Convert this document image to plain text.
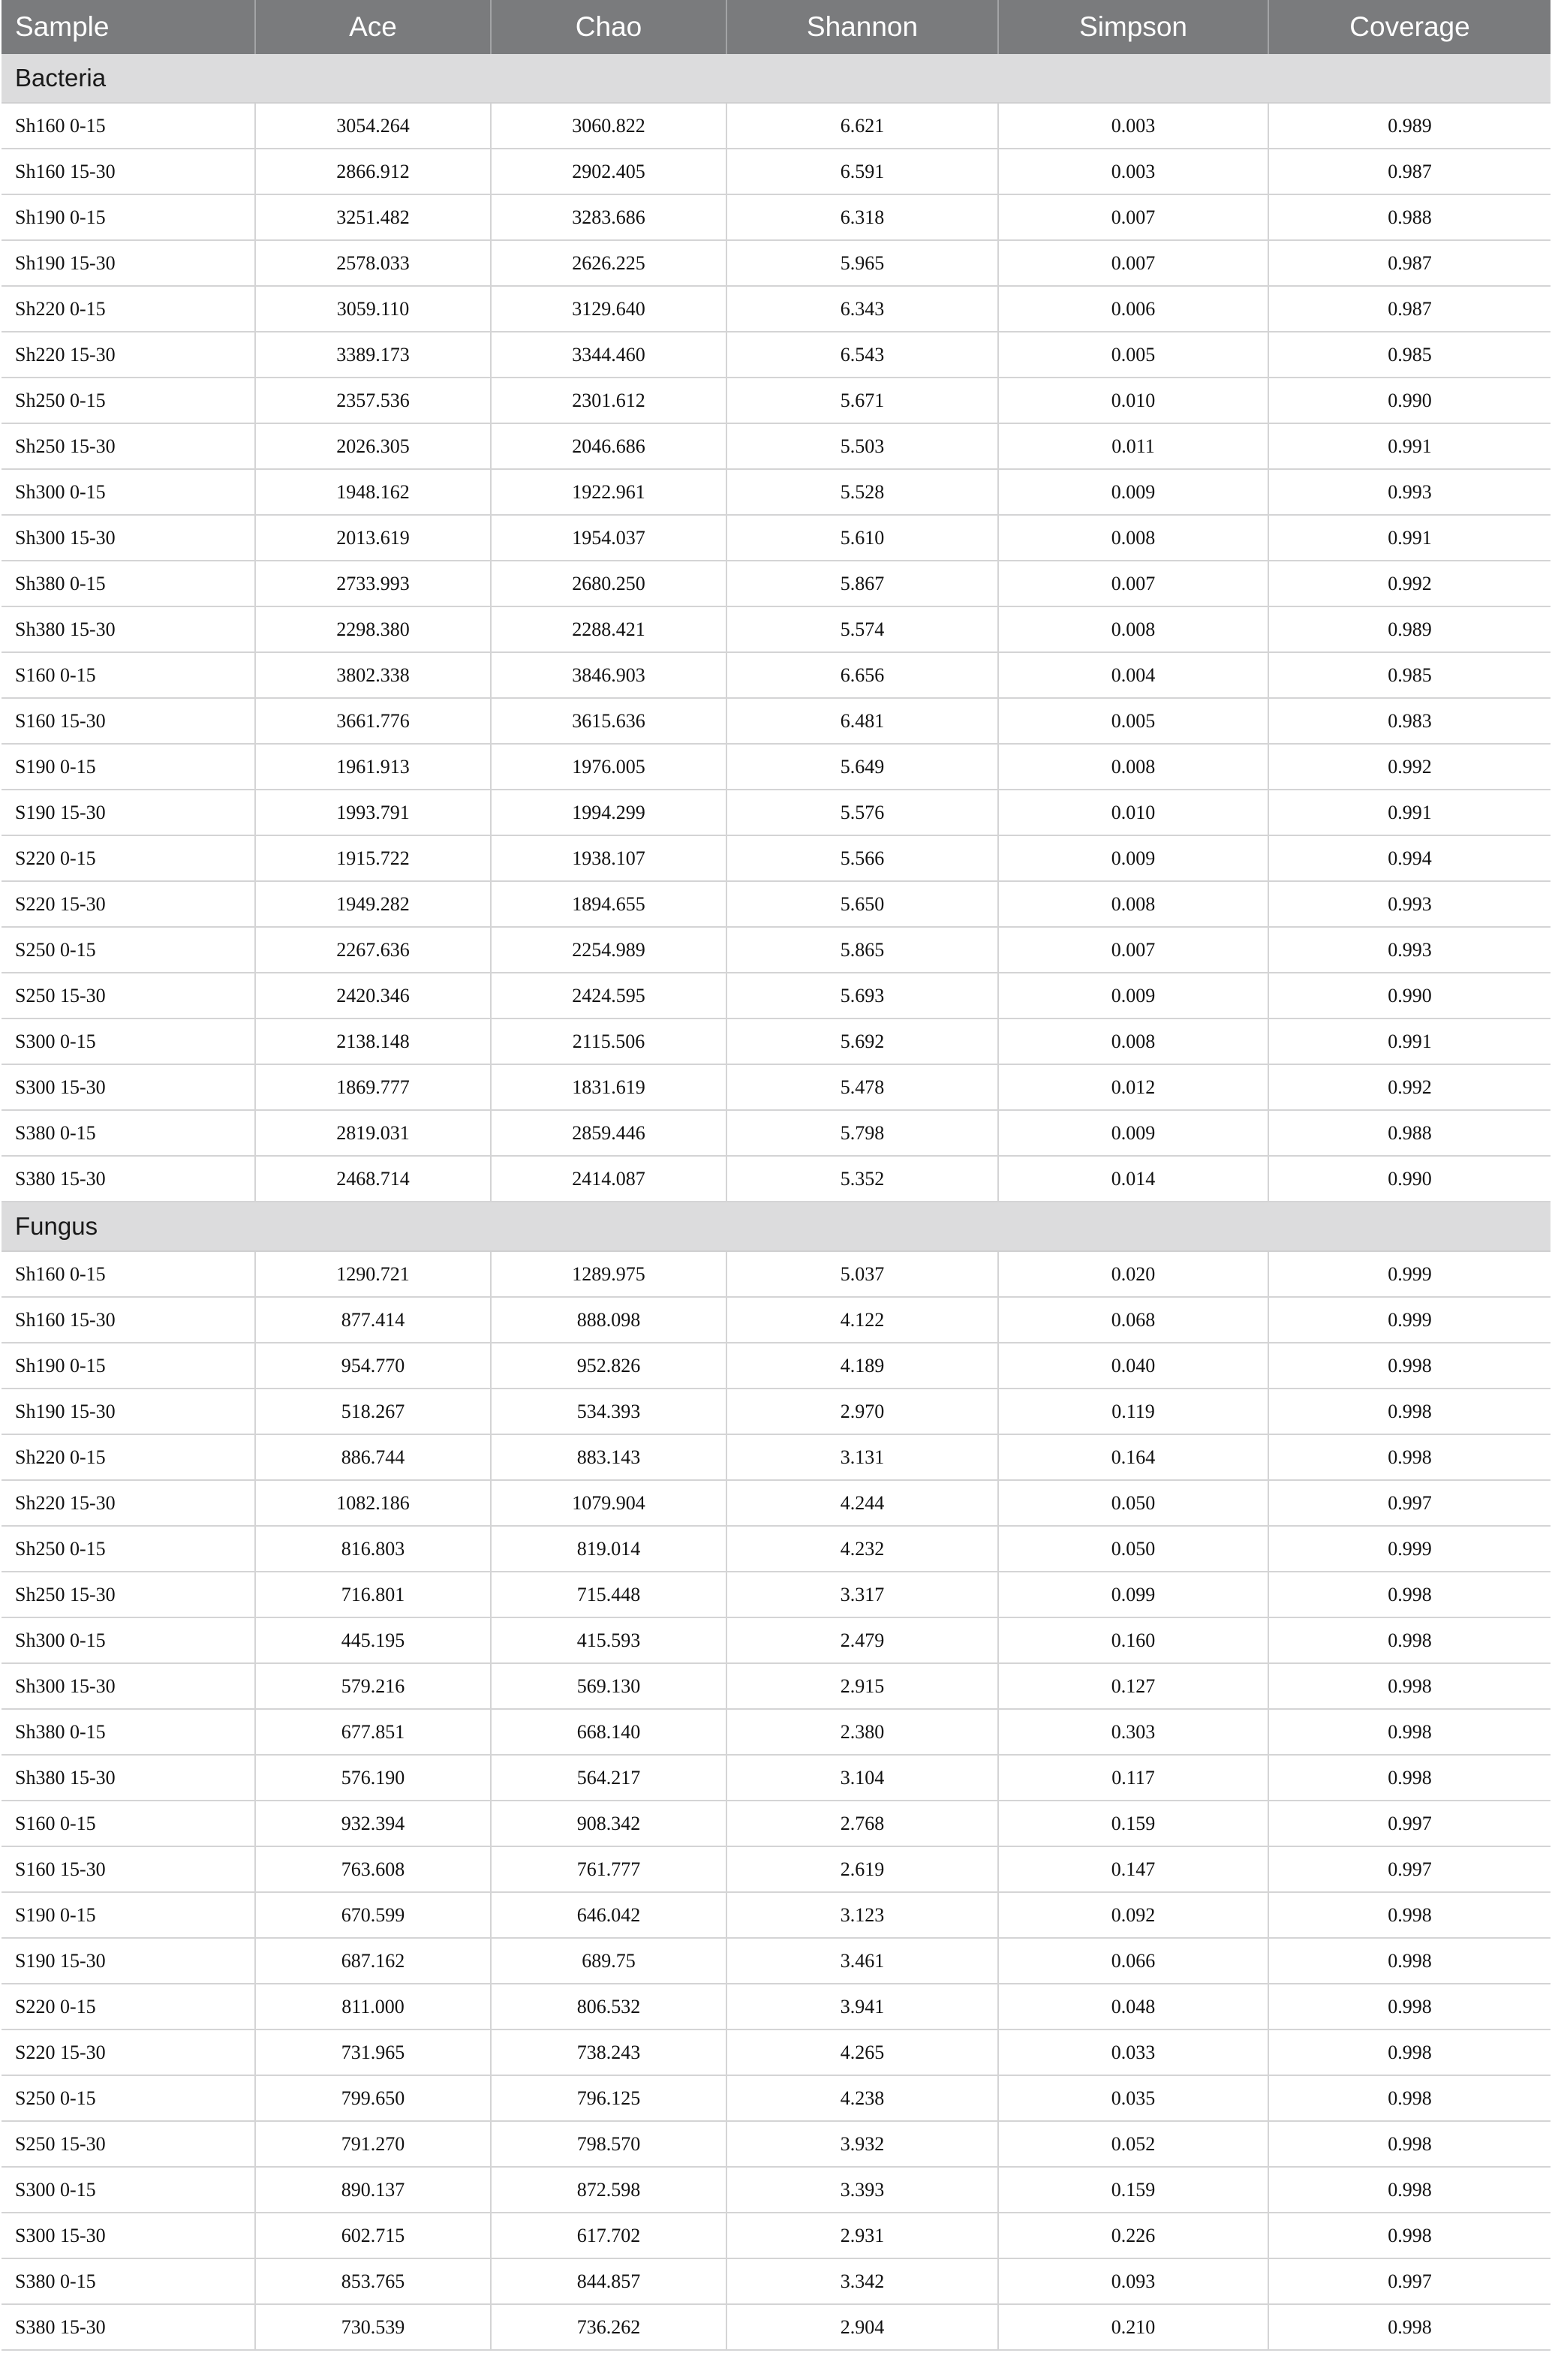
Sample	Ace	Chao	Shannon	Simpson	Coverage
Bacteria					
Sh160 0-15	3054.264	3060.822	6.621	0.003	0.989
Sh160 15-30	2866.912	2902.405	6.591	0.003	0.987
Sh190 0-15	3251.482	3283.686	6.318	0.007	0.988
Sh190 15-30	2578.033	2626.225	5.965	0.007	0.987
Sh220 0-15	3059.110	3129.640	6.343	0.006	0.987
Sh220 15-30	3389.173	3344.460	6.543	0.005	0.985
Sh250 0-15	2357.536	2301.612	5.671	0.010	0.990
Sh250 15-30	2026.305	2046.686	5.503	0.011	0.991
Sh300 0-15	1948.162	1922.961	5.528	0.009	0.993
Sh300 15-30	2013.619	1954.037	5.610	0.008	0.991
Sh380 0-15	2733.993	2680.250	5.867	0.007	0.992
Sh380 15-30	2298.380	2288.421	5.574	0.008	0.989
S160 0-15	3802.338	3846.903	6.656	0.004	0.985
S160 15-30	3661.776	3615.636	6.481	0.005	0.983
S190 0-15	1961.913	1976.005	5.649	0.008	0.992
S190 15-30	1993.791	1994.299	5.576	0.010	0.991
S220 0-15	1915.722	1938.107	5.566	0.009	0.994
S220 15-30	1949.282	1894.655	5.650	0.008	0.993
S250 0-15	2267.636	2254.989	5.865	0.007	0.993
S250 15-30	2420.346	2424.595	5.693	0.009	0.990
S300 0-15	2138.148	2115.506	5.692	0.008	0.991
S300 15-30	1869.777	1831.619	5.478	0.012	0.992
S380 0-15	2819.031	2859.446	5.798	0.009	0.988
S380 15-30	2468.714	2414.087	5.352	0.014	0.990
Fungus					
Sh160 0-15	1290.721	1289.975	5.037	0.020	0.999
Sh160 15-30	877.414	888.098	4.122	0.068	0.999
Sh190 0-15	954.770	952.826	4.189	0.040	0.998
Sh190 15-30	518.267	534.393	2.970	0.119	0.998
Sh220 0-15	886.744	883.143	3.131	0.164	0.998
Sh220 15-30	1082.186	1079.904	4.244	0.050	0.997
Sh250 0-15	816.803	819.014	4.232	0.050	0.999
Sh250 15-30	716.801	715.448	3.317	0.099	0.998
Sh300 0-15	445.195	415.593	2.479	0.160	0.998
Sh300 15-30	579.216	569.130	2.915	0.127	0.998
Sh380 0-15	677.851	668.140	2.380	0.303	0.998
Sh380 15-30	576.190	564.217	3.104	0.117	0.998
S160 0-15	932.394	908.342	2.768	0.159	0.997
S160 15-30	763.608	761.777	2.619	0.147	0.997
S190 0-15	670.599	646.042	3.123	0.092	0.998
S190 15-30	687.162	689.75	3.461	0.066	0.998
S220 0-15	811.000	806.532	3.941	0.048	0.998
S220 15-30	731.965	738.243	4.265	0.033	0.998
S250 0-15	799.650	796.125	4.238	0.035	0.998
S250 15-30	791.270	798.570	3.932	0.052	0.998
S300 0-15	890.137	872.598	3.393	0.159	0.998
S300 15-30	602.715	617.702	2.931	0.226	0.998
S380 0-15	853.765	844.857	3.342	0.093	0.997
S380 15-30	730.539	736.262	2.904	0.210	0.998
